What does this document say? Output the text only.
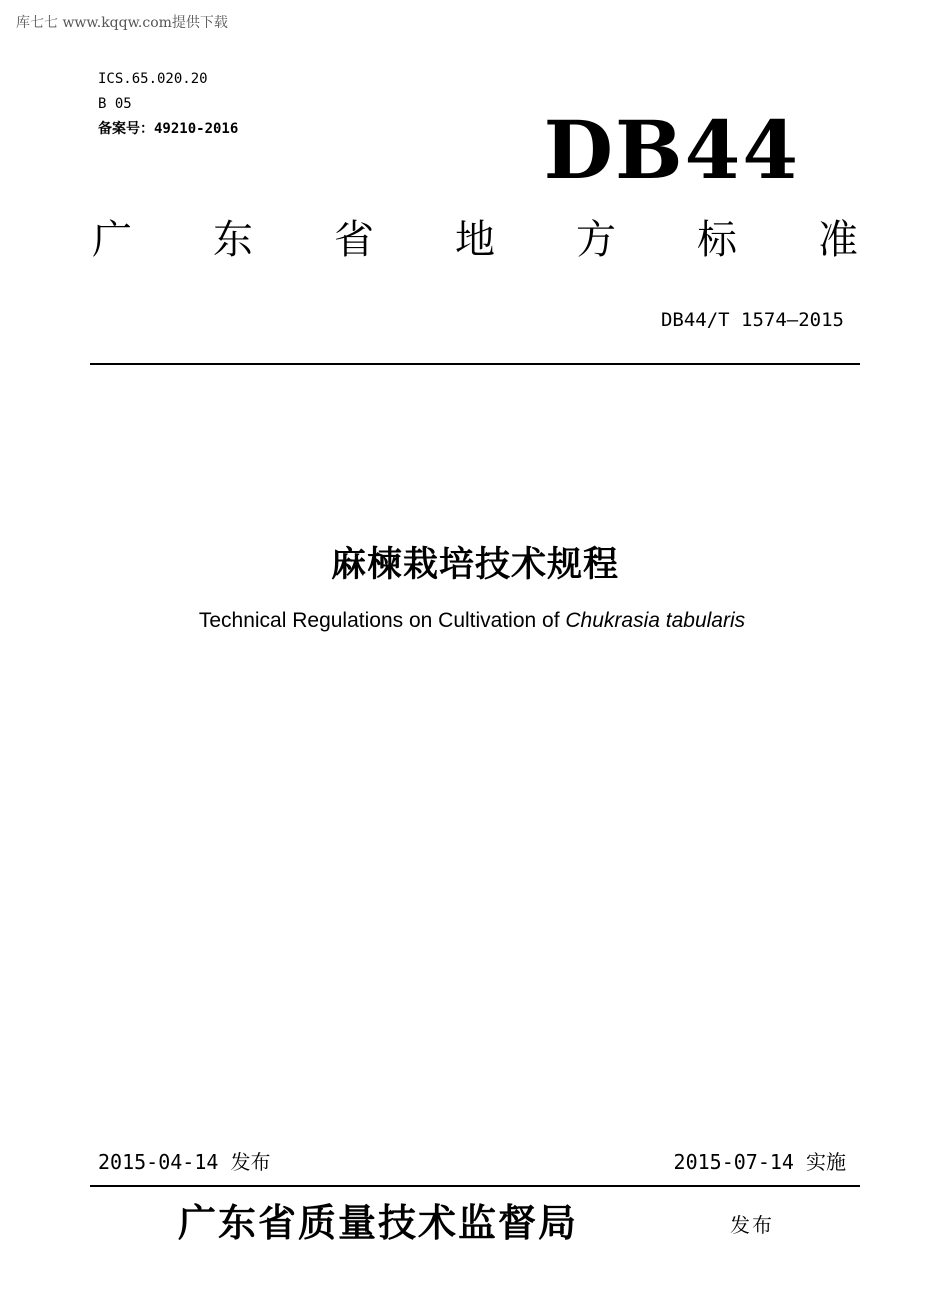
库七七 www.kqqw.com提供下载
ICS.65.020.20
B 05
备案号：49210-2016	DB44
广 东 省 地 方 标 准
DB44/T 1574—2015
麻楝栽培技术规程
Technical Regulations on Cultivation of Chukrasia tabularis
2015-04-14 发布	2015-07-14 实施
广东省质量技术监督局	发布
